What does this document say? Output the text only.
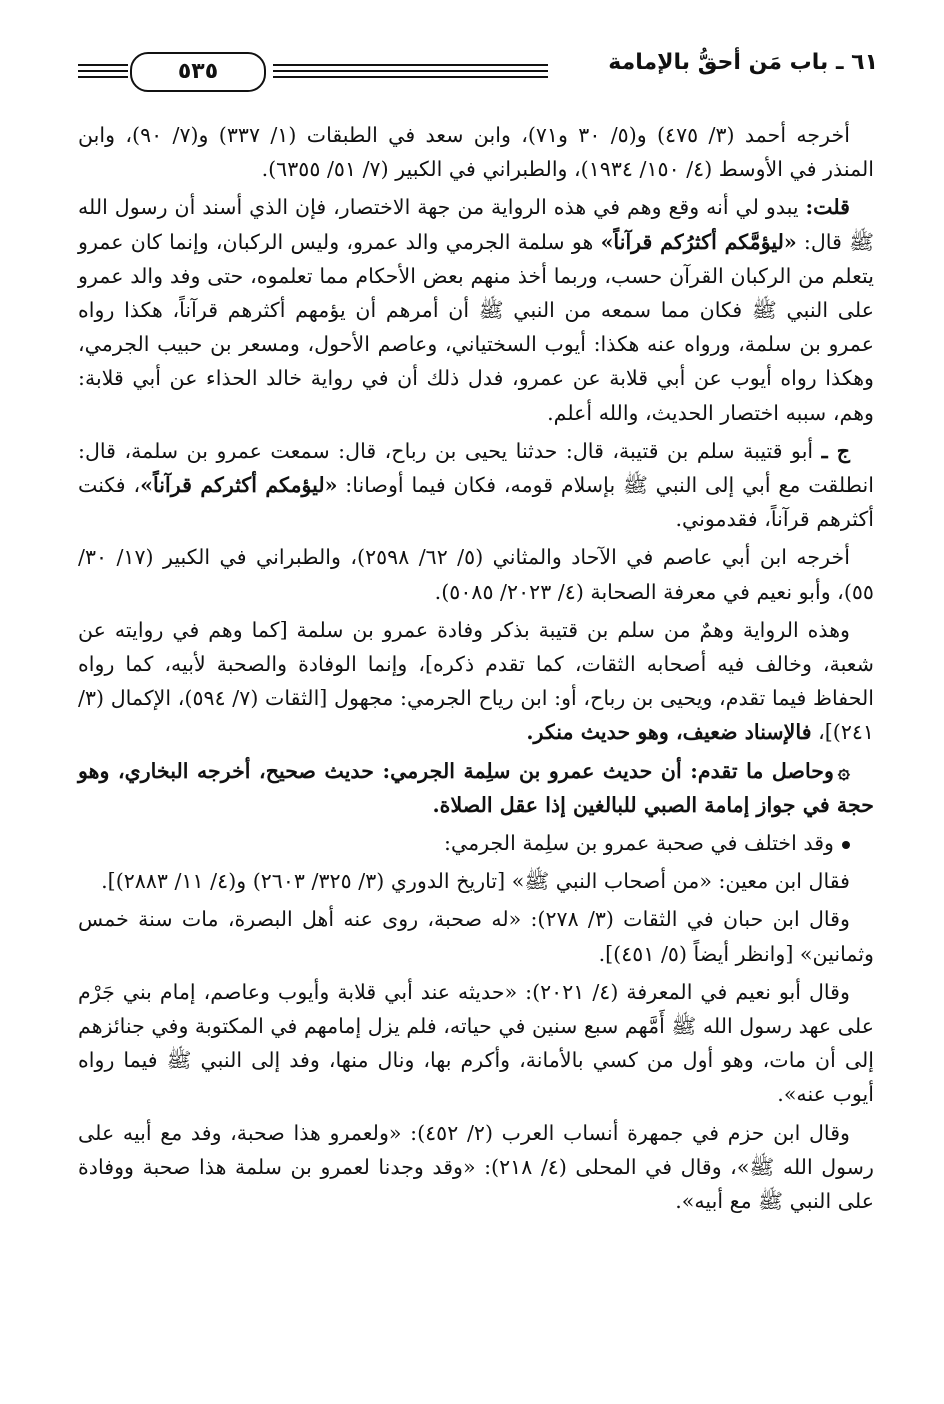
٥٣٥	٦١ ـ باب مَن أحقُّ بالإمامة

أخرجه أحمد (٣/ ٤٧٥) و(٥/ ٣٠ و٧١)، وابن سعد في الطبقات (١/ ٣٣٧) و(٧/ ٩٠)، وابن المنذر في الأوسط (٤/ ١٥٠/ ١٩٣٤)، والطبراني في الكبير (٧/ ٥١/ ٦٣٥٥).

قلت: يبدو لي أنه وقع وهم في هذه الرواية من جهة الاختصار، فإن الذي أسند أن رسول الله ﷺ قال: «ليؤمَّكم أكثرُكم قرآناً» هو سلمة الجرمي والد عمرو، وليس الركبان، وإنما كان عمرو يتعلم من الركبان القرآن حسب، وربما أخذ منهم بعض الأحكام مما تعلموه، حتى وفد والد عمرو على النبي ﷺ فكان مما سمعه من النبي ﷺ أن أمرهم أن يؤمهم أكثرهم قرآناً، هكذا رواه عمرو بن سلمة، ورواه عنه هكذا: أيوب السختياني، وعاصم الأحول، ومسعر بن حبيب الجرمي، وهكذا رواه أيوب عن أبي قلابة عن عمرو، فدل ذلك أن في رواية خالد الحذاء عن أبي قلابة: وهم، سببه اختصار الحديث، والله أعلم.

ج ـ أبو قتيبة سلم بن قتيبة، قال: حدثنا يحيى بن رباح، قال: سمعت عمرو بن سلمة، قال: انطلقت مع أبي إلى النبي ﷺ بإسلام قومه، فكان فيما أوصانا: «ليؤمكم أكثركم قرآناً»، فكنت أكثرهم قرآناً، فقدموني.

أخرجه ابن أبي عاصم في الآحاد والمثاني (٥/ ٦٢/ ٢٥٩٨)، والطبراني في الكبير (١٧/ ٣٠/ ٥٥)، وأبو نعيم في معرفة الصحابة (٤/ ٢٠٢٣/ ٥٠٨٥).

وهذه الرواية وهمٌ من سلم بن قتيبة بذكر وفادة عمرو بن سلمة [كما وهم في روايته عن شعبة، وخالف فيه أصحابه الثقات، كما تقدم ذكره]، وإنما الوفادة والصحبة لأبيه، كما رواه الحفاظ فيما تقدم، ويحيى بن رباح، أو: ابن رياح الجرمي: مجهول [الثقات (٧/ ٥٩٤)، الإكمال (٣/ ٢٤١)]، فالإسناد ضعيف، وهو حديث منكر.

۞وحاصل ما تقدم: أن حديث عمرو بن سلِمة الجرمي: حديث صحيح، أخرجه البخاري، وهو حجة في جواز إمامة الصبي للبالغين إذا عقل الصلاة.

وقد اختلف في صحبة عمرو بن سلِمة الجرمي:

فقال ابن معين: «من أصحاب النبي ﷺ» [تاريخ الدوري (٣/ ٣٢٥/ ٢٦٠٣) و(٤/ ١١/ ٢٨٨٣)].

وقال ابن حبان في الثقات (٣/ ٢٧٨): «له صحبة، روى عنه أهل البصرة، مات سنة خمس وثمانين» [وانظر أيضاً (٥/ ٤٥١)].

وقال أبو نعيم في المعرفة (٤/ ٢٠٢١): «حديثه عند أبي قلابة وأيوب وعاصم، إمام بني جَرْم على عهد رسول الله ﷺ أَمَّهم سبع سنين في حياته، فلم يزل إمامهم في المكتوبة وفي جنائزهم إلى أن مات، وهو أول من كسي بالأمانة، وأكرم بها، ونال منها، وفد إلى النبي ﷺ فيما رواه أيوب عنه».

وقال ابن حزم في جمهرة أنساب العرب (٢/ ٤٥٢): «ولعمرو هذا صحبة، وفد مع أبيه على رسول الله ﷺ»، وقال في المحلى (٤/ ٢١٨): «وقد وجدنا لعمرو بن سلمة هذا صحبة ووفادة على النبي ﷺ مع أبيه».
